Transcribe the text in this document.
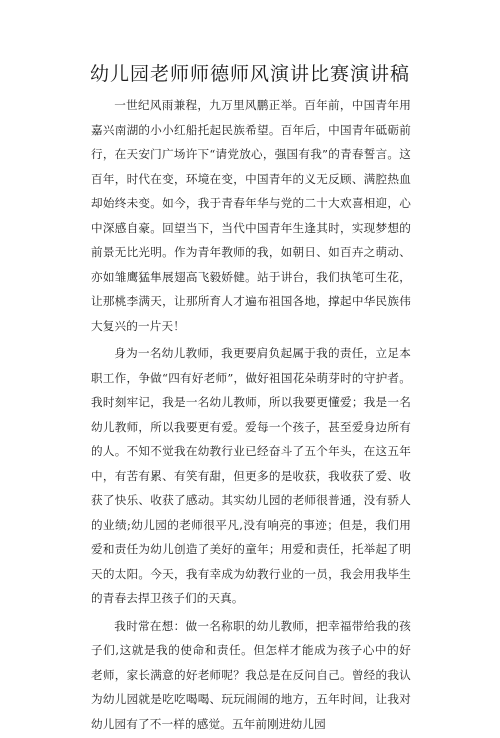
幼儿园老师师德师风演讲比赛演讲稿

一世纪风雨兼程，九万里风鹏正举。百年前，中国青年用嘉兴南湖的小小红船托起民族希望。百年后，中国青年砥砺前行，在天安门广场许下“请党放心，强国有我”的青春誓言。这百年，时代在变，环境在变，中国青年的义无反顾、满腔热血却始终未变。如今，我于青春年华与党的二十大欢喜相迎，心中深感自豪。回望当下，当代中国青年生逢其时，实现梦想的前景无比光明。作为青年教师的我，如朝日、如百卉之萌动、亦如雏鹰猛隼展翅高飞毅娇健。站于讲台，我们执笔可生花，让那桃李满天，让那所育人才遍布祖国各地，撑起中华民族伟大复兴的一片天！

身为一名幼儿教师，我更要肩负起属于我的责任，立足本职工作，争做“四有好老师”，做好祖国花朵萌芽时的守护者。我时刻牢记，我是一名幼儿教师，所以我要更懂爱；我是一名幼儿教师，所以我要更有爱。爱每一个孩子，甚至爱身边所有的人。不知不觉我在幼教行业已经奋斗了五个年头，在这五年中，有苦有累、有笑有甜，但更多的是收获，我收获了爱、收获了快乐、收获了感动。其实幼儿园的老师很普通，没有骄人的业绩;幼儿园的老师很平凡,没有响亮的事迹；但是，我们用爱和责任为幼儿创造了美好的童年；用爱和责任，托举起了明天的太阳。今天，我有幸成为幼教行业的一员，我会用我毕生的青春去捍卫孩子们的天真。

我时常在想：做一名称职的幼儿教师，把幸福带给我的孩子们,这就是我的使命和责任。但怎样才能成为孩子心中的好老师，家长满意的好老师呢？我总是在反问自己。曾经的我认为幼儿园就是吃吃喝喝、玩玩闹闹的地方，五年时间，让我对幼儿园有了不一样的感觉。五年前刚进幼儿园
